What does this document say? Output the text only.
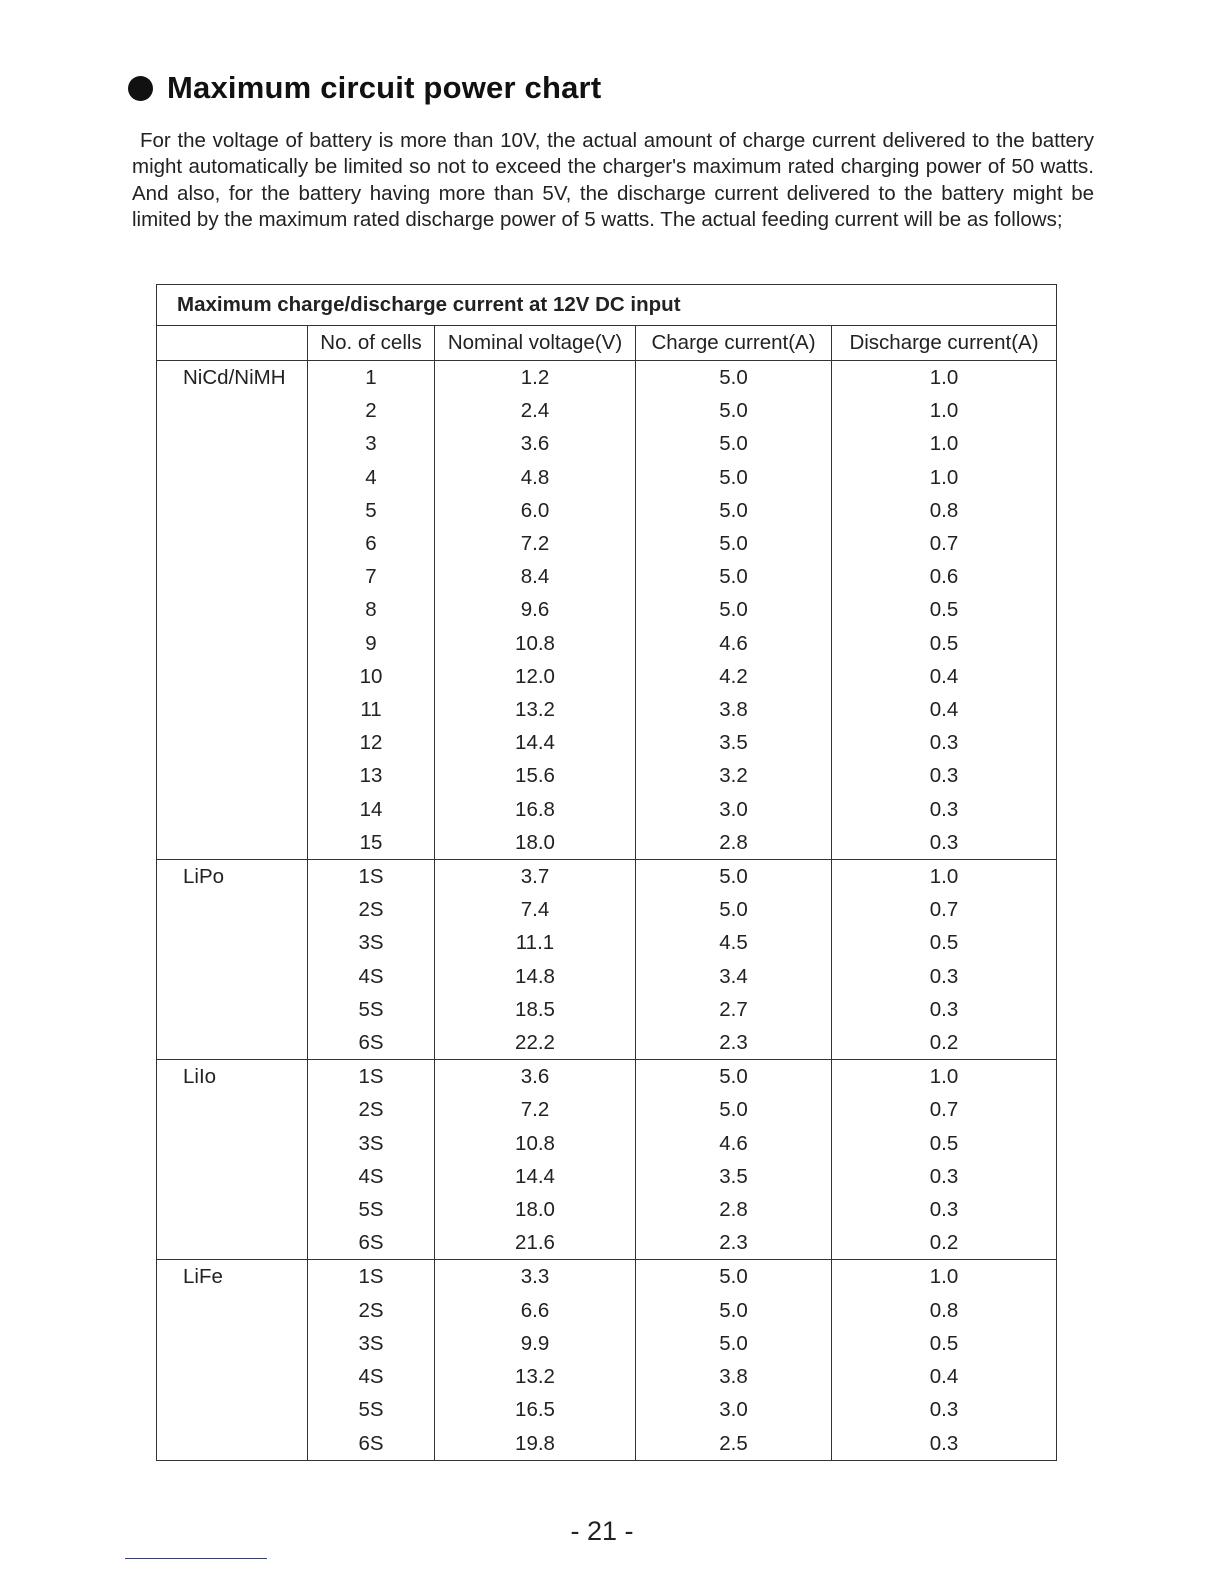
Maximum circuit power chart

For the voltage of battery is more than 10V, the actual amount of charge current delivered to the battery might automatically be limited so not to exceed the charger's maximum rated charging power of 50 watts. And also, for the battery having more than 5V, the discharge current delivered to the battery might be limited by the maximum rated discharge power of 5 watts. The actual feeding current will be as follows;

Maximum charge/discharge current at 12V DC input				
	No. of cells	Nominal voltage(V)	Charge current(A)	Discharge current(A)
NiCd/NiMH	1	1.2	5.0	1.0
	2	2.4	5.0	1.0
	3	3.6	5.0	1.0
	4	4.8	5.0	1.0
	5	6.0	5.0	0.8
	6	7.2	5.0	0.7
	7	8.4	5.0	0.6
	8	9.6	5.0	0.5
	9	10.8	4.6	0.5
	10	12.0	4.2	0.4
	11	13.2	3.8	0.4
	12	14.4	3.5	0.3
	13	15.6	3.2	0.3
	14	16.8	3.0	0.3
	15	18.0	2.8	0.3
LiPo	1S	3.7	5.0	1.0
	2S	7.4	5.0	0.7
	3S	11.1	4.5	0.5
	4S	14.8	3.4	0.3
	5S	18.5	2.7	0.3
	6S	22.2	2.3	0.2
LiIo	1S	3.6	5.0	1.0
	2S	7.2	5.0	0.7
	3S	10.8	4.6	0.5
	4S	14.4	3.5	0.3
	5S	18.0	2.8	0.3
	6S	21.6	2.3	0.2
LiFe	1S	3.3	5.0	1.0
	2S	6.6	5.0	0.8
	3S	9.9	5.0	0.5
	4S	13.2	3.8	0.4
	5S	16.5	3.0	0.3
	6S	19.8	2.5	0.3
- 21 -
